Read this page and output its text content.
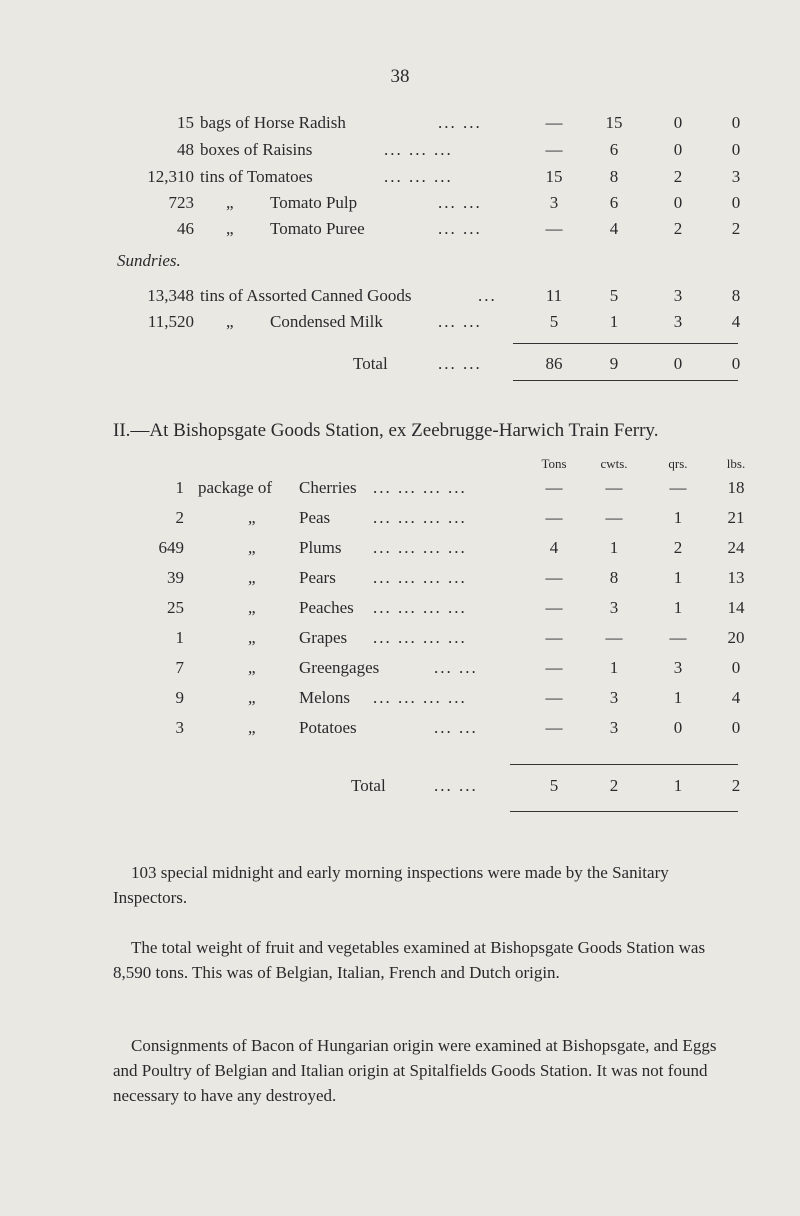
38
15 bags of Horse Radish	... ...	—	15	0	0
48 boxes of Raisins	... ... ...	—	6	0	0
12,310 tins of Tomatoes	... ... ...	15	8	2	3
723 „ Tomato Pulp	... ...	3	6	0	0
46 „ Tomato Puree	... ...	—	4	2	2
Sundries.
13,348 tins of Assorted Canned Goods	...	11	5	3	8
11,520 „ Condensed Milk	... ...	5	1	3	4
Total	... ...	86	9	0	0
II.—At Bishopsgate Goods Station, ex Zeebrugge-Harwich Train Ferry.
Tons	cwts.	qrs.	lbs.
1 package of Cherries ... ... ... ...	—	—	—	18
2	„	Peas	... ... ... ...	—	—	1	21
649	„	Plums ... ... ... ...	4	1	2	24
39	„	Pears ... ... ... ...	—	8	1	13
25	„	Peaches ... ... ... ...	—	3	1	14
1	„	Grapes ... ... ... ...	—	—	—	20
7	„	Greengages	... ...	—	1	3	0
9	„	Melons ... ... ... ...	—	3	1	4
3	„	Potatoes	... ...	—	3	0	0
Total	... ...	5	2	1	2
103 special midnight and early morning inspections were made by the Sanitary Inspectors.
The total weight of fruit and vegetables examined at Bishopsgate Goods Station was 8,590 tons. This was of Belgian, Italian, French and Dutch origin.
Consignments of Bacon of Hungarian origin were examined at Bishopsgate, and Eggs and Poultry of Belgian and Italian origin at Spitalfields Goods Station. It was not found necessary to have any destroyed.
